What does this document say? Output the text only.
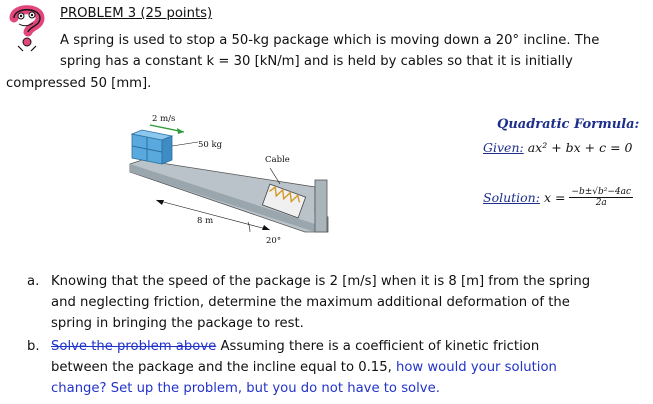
PROBLEM 3 (25 points)
A spring is used to stop a 50-kg package which is moving down a 20° incline. The
spring has a constant k = 30 [kN/m] and is held by cables so that it is initially
compressed 50 [mm].
2 m/s
50 kg
Cable
8 m
20°
Quadratic Formula:
Given: ax² + bx + c = 0
Solution: $x = \frac{\text{−b±√b²−4ac}}{2a}$
a. Knowing that the speed of the package is 2 [m/s] when it is 8 [m] from the spring
and neglecting friction, determine the maximum additional deformation of the
spring in bringing the package to rest.
b. Solve the problem above Assuming there is a coefficient of kinetic friction
between the package and the incline equal to 0.15, how would your solution
change? Set up the problem, but you do not have to solve.
